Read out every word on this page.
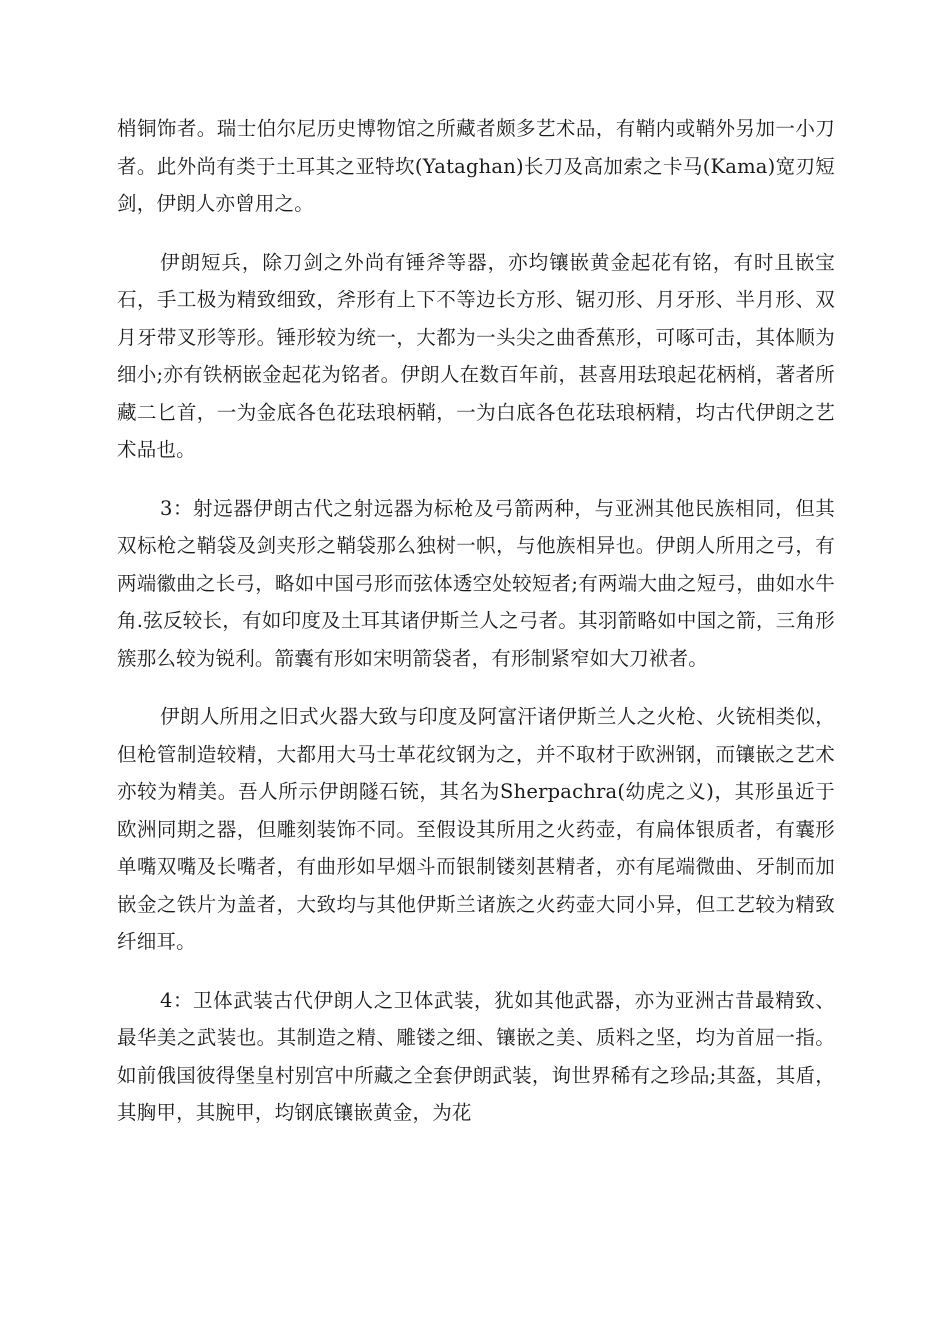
梢铜饰者。瑞士伯尔尼历史博物馆之所藏者颇多艺术品，有鞘内或鞘外另加一小刀者。此外尚有类于土耳其之亚特坎(Yataghan)长刀及高加索之卡马(Kama)宽刃短剑，伊朗人亦曾用之。

伊朗短兵，除刀剑之外尚有锤斧等器，亦均镶嵌黄金起花有铭，有时且嵌宝石，手工极为精致细致，斧形有上下不等边长方形、锯刃形、月牙形、半月形、双月牙带叉形等形。锤形较为统一，大都为一头尖之曲香蕉形，可啄可击，其体顺为细小;亦有铁柄嵌金起花为铭者。伊朗人在数百年前，甚喜用珐琅起花柄梢，著者所藏二匕首，一为金底各色花珐琅柄鞘，一为白底各色花珐琅柄精，均古代伊朗之艺术品也。

3：射远器伊朗古代之射远器为标枪及弓箭两种，与亚洲其他民族相同，但其双标枪之鞘袋及剑夹形之鞘袋那么独树一帜，与他族相异也。伊朗人所用之弓，有两端徽曲之长弓，略如中国弓形而弦体透空处较短者;有两端大曲之短弓，曲如水牛角.弦反较长，有如印度及土耳其诸伊斯兰人之弓者。其羽箭略如中国之箭，三角形簇那么较为锐利。箭囊有形如宋明箭袋者，有形制紧窄如大刀袱者。

伊朗人所用之旧式火器大致与印度及阿富汗诸伊斯兰人之火枪、火铳相类似，但枪管制造较精，大都用大马士革花纹钢为之，并不取材于欧洲钢，而镶嵌之艺术亦较为精美。吾人所示伊朗隧石铳，其名为Sherpachra(幼虎之义)，其形虽近于欧洲同期之器，但雕刻装饰不同。至假设其所用之火药壶，有扁体银质者，有囊形单嘴双嘴及长嘴者，有曲形如早烟斗而银制镂刻甚精者，亦有尾端微曲、牙制而加嵌金之铁片为盖者，大致均与其他伊斯兰诸族之火药壶大同小异，但工艺较为精致纤细耳。

4：卫体武装古代伊朗人之卫体武装，犹如其他武器，亦为亚洲古昔最精致、最华美之武装也。其制造之精、雕镂之细、镶嵌之美、质料之坚，均为首屈一指。如前俄国彼得堡皇村别宫中所藏之全套伊朗武装，询世界稀有之珍品;其盔，其盾，其胸甲，其腕甲，均钢底镶嵌黄金，为花
